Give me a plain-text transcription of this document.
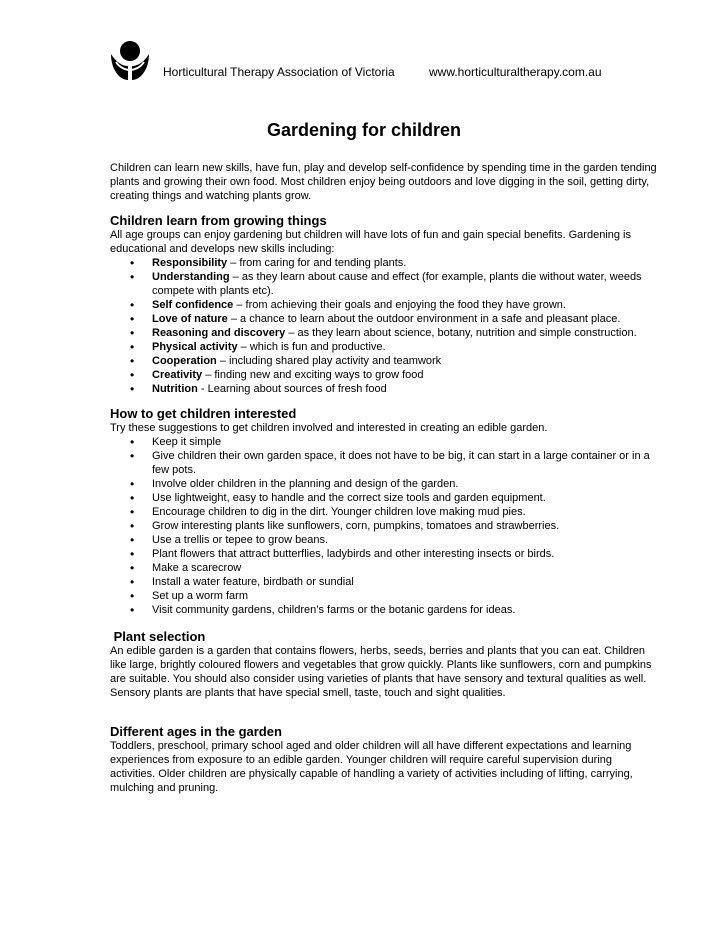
Horticultural Therapy Association of Victoria	www.horticulturaltherapy.com.au
Gardening for children

Children can learn new skills, have fun, play and develop self-confidence by spending time in the garden tending plants and growing their own food. Most children enjoy being outdoors and love digging in the soil, getting dirty, creating things and watching plants grow.

Children learn from growing things

All age groups can enjoy gardening but children will have lots of fun and gain special benefits. Gardening is educational and develops new skills including:

• Responsibility – from caring for and tending plants.
• Understanding – as they learn about cause and effect (for example, plants die without water, weeds compete with plants etc).
• Self confidence – from achieving their goals and enjoying the food they have grown.
• Love of nature – a chance to learn about the outdoor environment in a safe and pleasant place.
• Reasoning and discovery – as they learn about science, botany, nutrition and simple construction.
• Physical activity – which is fun and productive.
• Cooperation – including shared play activity and teamwork
• Creativity – finding new and exciting ways to grow food
• Nutrition - Learning about sources of fresh food
How to get children interested

Try these suggestions to get children involved and interested in creating an edible garden.

• Keep it simple
• Give children their own garden space, it does not have to be big, it can start in a large container or in a few pots.
• Involve older children in the planning and design of the garden.
• Use lightweight, easy to handle and the correct size tools and garden equipment.
• Encourage children to dig in the dirt. Younger children love making mud pies.
• Grow interesting plants like sunflowers, corn, pumpkins, tomatoes and strawberries.
• Use a trellis or tepee to grow beans.
• Plant flowers that attract butterflies, ladybirds and other interesting insects or birds.
• Make a scarecrow
• Install a water feature, birdbath or sundial
• Set up a worm farm
• Visit community gardens, children’s farms or the botanic gardens for ideas.
Plant selection

An edible garden is a garden that contains flowers, herbs, seeds, berries and plants that you can eat. Children like large, brightly coloured flowers and vegetables that grow quickly. Plants like sunflowers, corn and pumpkins are suitable. You should also consider using varieties of plants that have sensory and textural qualities as well. Sensory plants are plants that have special smell, taste, touch and sight qualities.

Different ages in the garden

Toddlers, preschool, primary school aged and older children will all have different expectations and learning experiences from exposure to an edible garden. Younger children will require careful supervision during activities. Older children are physically capable of handling a variety of activities including of lifting, carrying, mulching and pruning.
